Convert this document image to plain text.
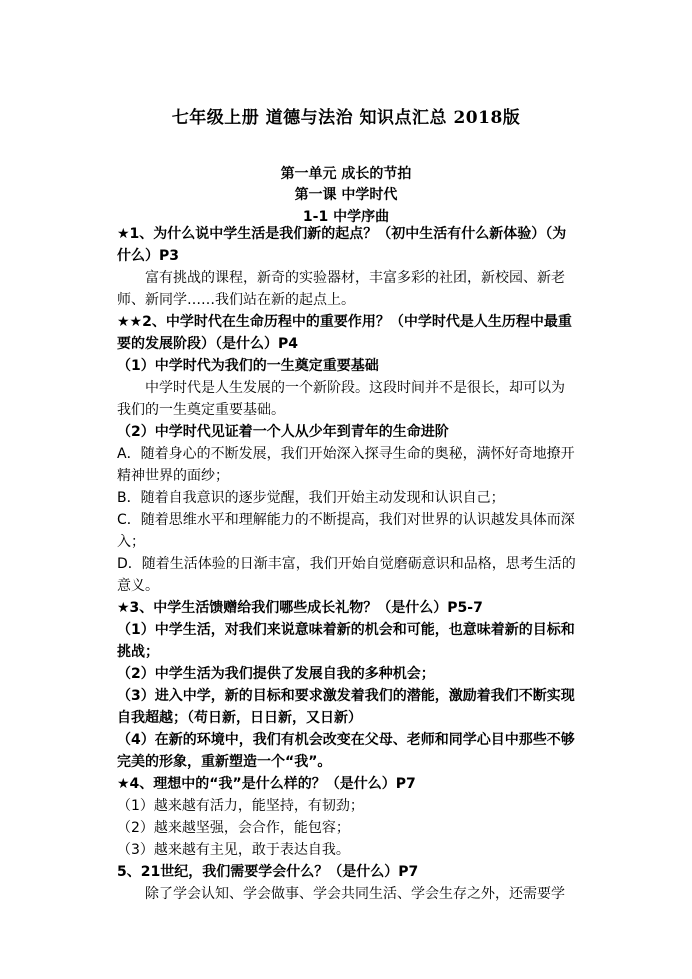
七年级上册 道德与法治 知识点汇总 2018版
第一单元 成长的节拍
第一课 中学时代
1-1 中学序曲
★1、为什么说中学生活是我们新的起点？（初中生活有什么新体验）（为
什么）P3
富有挑战的课程，新奇的实验器材，丰富多彩的社团，新校园、新老
师、新同学……我们站在新的起点上。
★★2、中学时代在生命历程中的重要作用？（中学时代是人生历程中最重
要的发展阶段）（是什么）P4
（1）中学时代为我们的一生奠定重要基础
中学时代是人生发展的一个新阶段。这段时间并不是很长，却可以为
我们的一生奠定重要基础。
（2）中学时代见证着一个人从少年到青年的生命进阶
A．随着身心的不断发展，我们开始深入探寻生命的奥秘，满怀好奇地撩开
精神世界的面纱；
B．随着自我意识的逐步觉醒，我们开始主动发现和认识自己；
C．随着思维水平和理解能力的不断提高，我们对世界的认识越发具体而深
入；
D．随着生活体验的日渐丰富，我们开始自觉磨砺意识和品格，思考生活的
意义。
★3、中学生活馈赠给我们哪些成长礼物？（是什么）P5-7
（1）中学生活，对我们来说意味着新的机会和可能，也意味着新的目标和
挑战；
（2）中学生活为我们提供了发展自我的多种机会；
（3）进入中学，新的目标和要求激发着我们的潜能，激励着我们不断实现
自我超越；（苟日新，日日新，又日新）
（4）在新的环境中，我们有机会改变在父母、老师和同学心目中那些不够
完美的形象，重新塑造一个“我”。
★4、理想中的“我”是什么样的？（是什么）P7
（1）越来越有活力，能坚持，有韧劲；
（2）越来越坚强，会合作，能包容；
（3）越来越有主见，敢于表达自我。
5、21世纪，我们需要学会什么？（是什么）P7
除了学会认知、学会做事、学会共同生活、学会生存之外，还需要学
